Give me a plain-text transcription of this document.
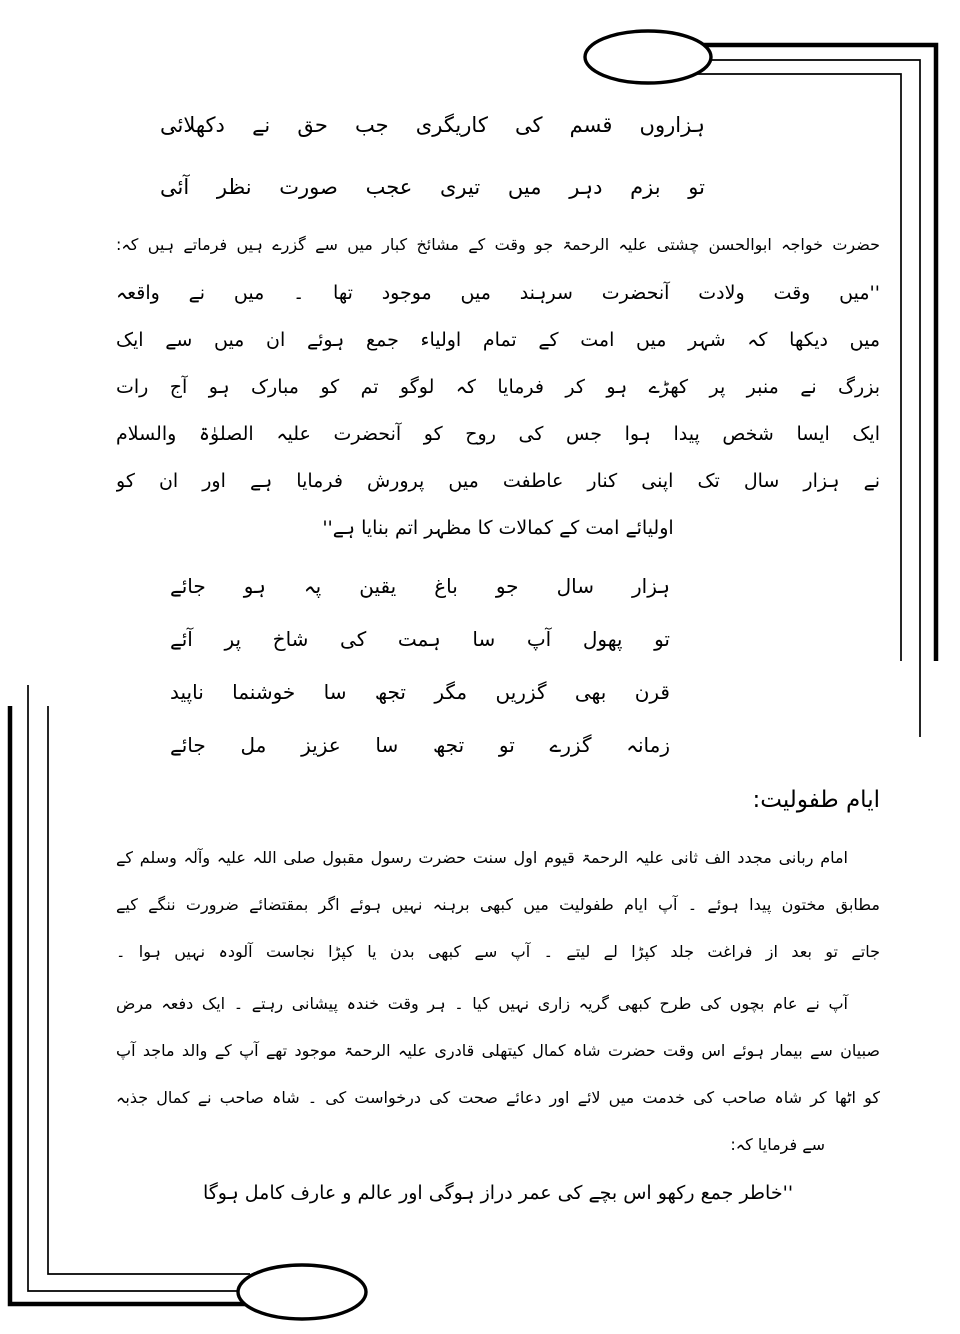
ہزاروں قسم کی کاریگری جب حق نے دکھلائی
تو بزم دہر میں تیری عجب صورت نظر آئی
حضرت خواجہ ابوالحسن چشتی علیہ الرحمۃ جو وقت کے مشائخ کبار میں سے گزرے ہیں فرماتے ہیں کہ:
''میں وقت ولادت آنحضرت سرہند میں موجود تھا ۔ میں نے واقعہ
میں دیکھا کہ شہر میں امت کے تمام اولیاء جمع ہوئے ان میں سے ایک
بزرگ نے منبر پر کھڑے ہو کر فرمایا کہ لوگو تم کو مبارک ہو آج رات
ایک ایسا شخص پیدا ہوا جس کی روح کو آنحضرت علیہ الصلوٰۃ والسلام
نے ہزار سال تک اپنی کنار عاطفت میں پرورش فرمایا ہے اور ان کو
اولیائے امت کے کمالات کا مظہر اتم بنایا ہے''
ہزار سال جو باغ یقین پہ ہو جائے
تو پھول آپ سا ہمت کی شاخ پر آئے
قرن بھی گزریں مگر تجھ سا خوشنما ناپید
زمانہ گزرے تو تجھ سا عزیز مل جائے
ایام طفولیت:
امام ربانی مجدد الف ثانی علیہ الرحمۃ قیوم اول سنت حضرت رسول مقبول صلی اللہ علیہ وآلہ وسلم کے
مطابق مختون پیدا ہوئے ۔ آپ ایام طفولیت میں کبھی برہنہ نہیں ہوئے اگر بمقتضائے ضرورت ننگے کیے
جاتے تو بعد از فراغت جلد کپڑا لے لیتے ۔ آپ سے کبھی بدن یا کپڑا نجاست آلودہ نہیں ہوا ۔
آپ نے عام بچوں کی طرح کبھی گریہ زاری نہیں کیا ۔ ہر وقت خندہ پیشانی رہتے ۔ ایک دفعہ مرض
صبیان سے بیمار ہوئے اس وقت حضرت شاہ کمال کیتھلی قادری علیہ الرحمۃ موجود تھے آپ کے والد ماجد آپ
کو اٹھا کر شاہ صاحب کی خدمت میں لائے اور دعائے صحت کی درخواست کی ۔ شاہ صاحب نے کمال جذبہ
سے فرمایا کہ:
''خاطر جمع رکھو اس بچے کی عمر دراز ہوگی اور عالم و عارف کامل ہوگا
